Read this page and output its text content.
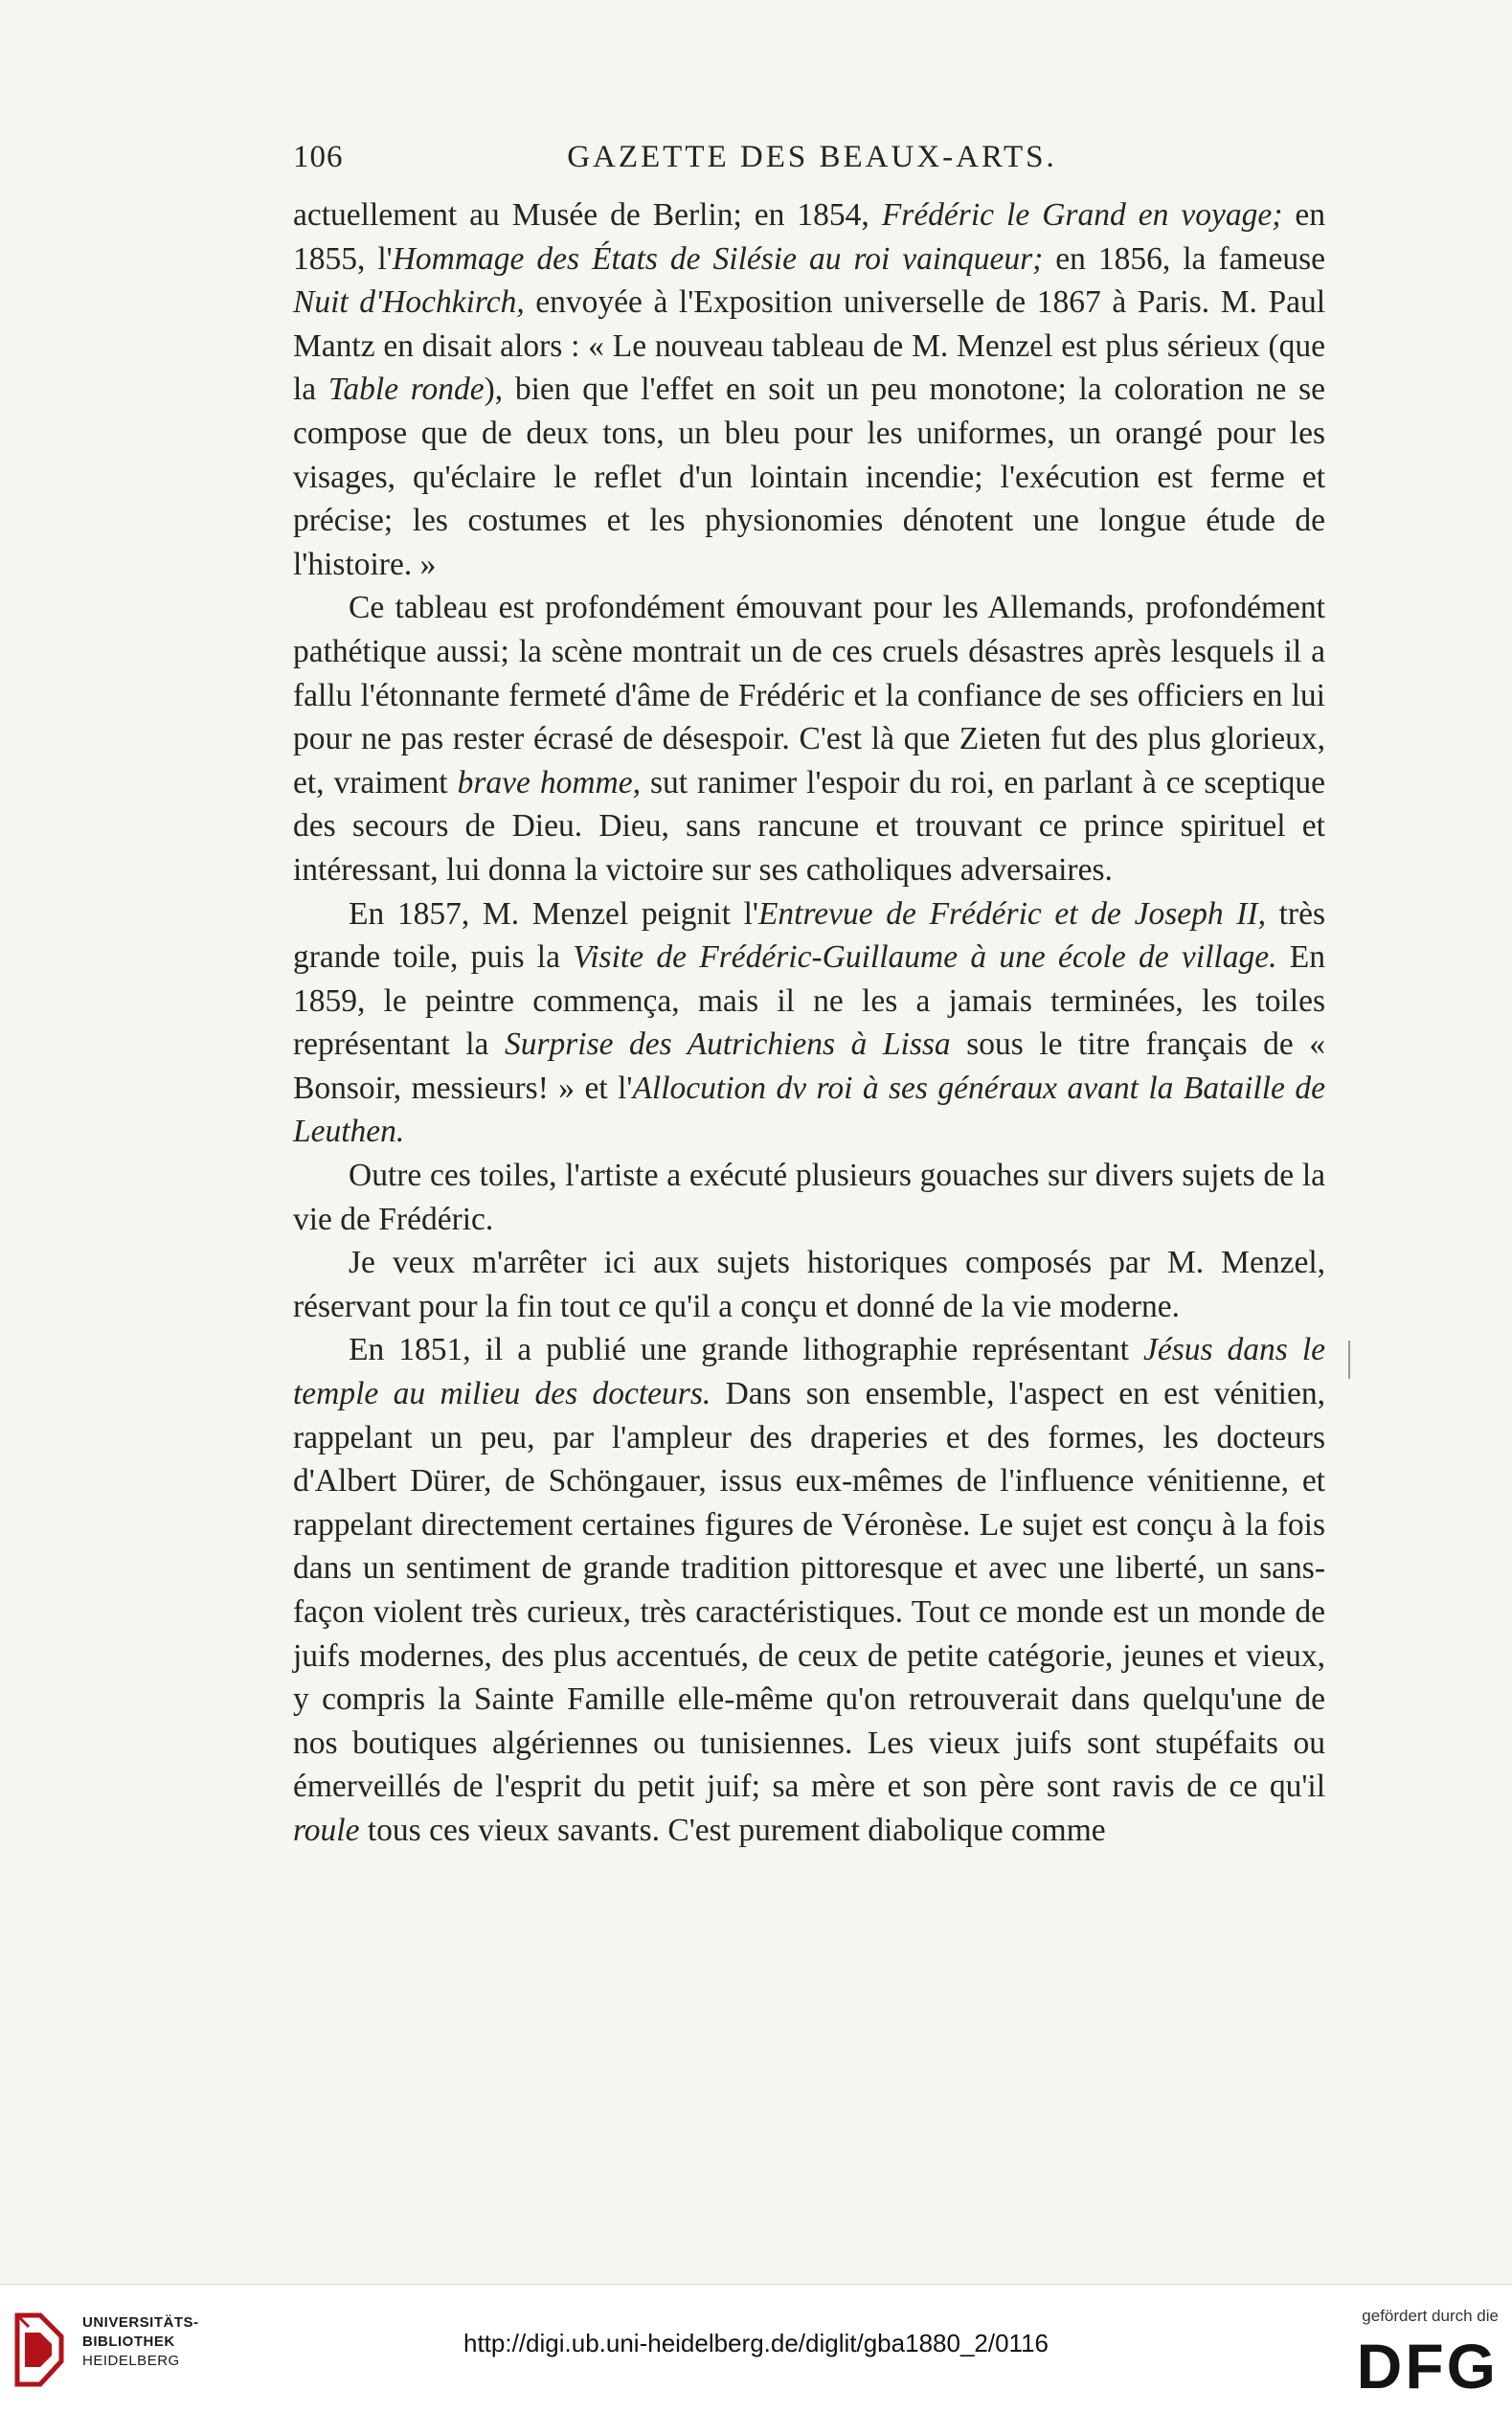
106	GAZETTE DES BEAUX-ARTS.

actuellement au Musée de Berlin; en 1854, Frédéric le Grand en voyage; en 1855, l'Hommage des États de Silésie au roi vainqueur; en 1856, la fameuse Nuit d'Hochkirch, envoyée à l'Exposition universelle de 1867 à Paris. M. Paul Mantz en disait alors : « Le nouveau tableau de M. Menzel est plus sérieux (que la Table ronde), bien que l'effet en soit un peu monotone; la coloration ne se compose que de deux tons, un bleu pour les uniformes, un orangé pour les visages, qu'éclaire le reflet d'un lointain incendie; l'exécution est ferme et précise; les costumes et les physionomies dénotent une longue étude de l'histoire. »

Ce tableau est profondément émouvant pour les Allemands, profondément pathétique aussi; la scène montrait un de ces cruels désastres après lesquels il a fallu l'étonnante fermeté d'âme de Frédéric et la confiance de ses officiers en lui pour ne pas rester écrasé de désespoir. C'est là que Zieten fut des plus glorieux, et, vraiment brave homme, sut ranimer l'espoir du roi, en parlant à ce sceptique des secours de Dieu. Dieu, sans rancune et trouvant ce prince spirituel et intéressant, lui donna la victoire sur ses catholiques adversaires.

En 1857, M. Menzel peignit l'Entrevue de Frédéric et de Joseph II, très grande toile, puis la Visite de Frédéric-Guillaume à une école de village. En 1859, le peintre commença, mais il ne les a jamais terminées, les toiles représentant la Surprise des Autrichiens à Lissa sous le titre français de « Bonsoir, messieurs! » et l'Allocution dv roi à ses généraux avant la Bataille de Leuthen.

Outre ces toiles, l'artiste a exécuté plusieurs gouaches sur divers sujets de la vie de Frédéric.

Je veux m'arrêter ici aux sujets historiques composés par M. Menzel, réservant pour la fin tout ce qu'il a conçu et donné de la vie moderne.

En 1851, il a publié une grande lithographie représentant Jésus dans le temple au milieu des docteurs. Dans son ensemble, l'aspect en est vénitien, rappelant un peu, par l'ampleur des draperies et des formes, les docteurs d'Albert Dürer, de Schöngauer, issus eux-mêmes de l'influence vénitienne, et rappelant directement certaines figures de Véronèse. Le sujet est conçu à la fois dans un sentiment de grande tradition pittoresque et avec une liberté, un sans-façon violent très curieux, très caractéristiques. Tout ce monde est un monde de juifs modernes, des plus accentués, de ceux de petite catégorie, jeunes et vieux, y compris la Sainte Famille elle-même qu'on retrouverait dans quelqu'une de nos boutiques algériennes ou tunisiennes. Les vieux juifs sont stupéfaits ou émerveillés de l'esprit du petit juif; sa mère et son père sont ravis de ce qu'il roule tous ces vieux savants. C'est purement diabolique comme

UNIVERSITÄTS-
BIBLIOTHEK
HEIDELBERG
http://digi.ub.uni-heidelberg.de/diglit/gba1880_2/0116
gefördert durch die
DFG
